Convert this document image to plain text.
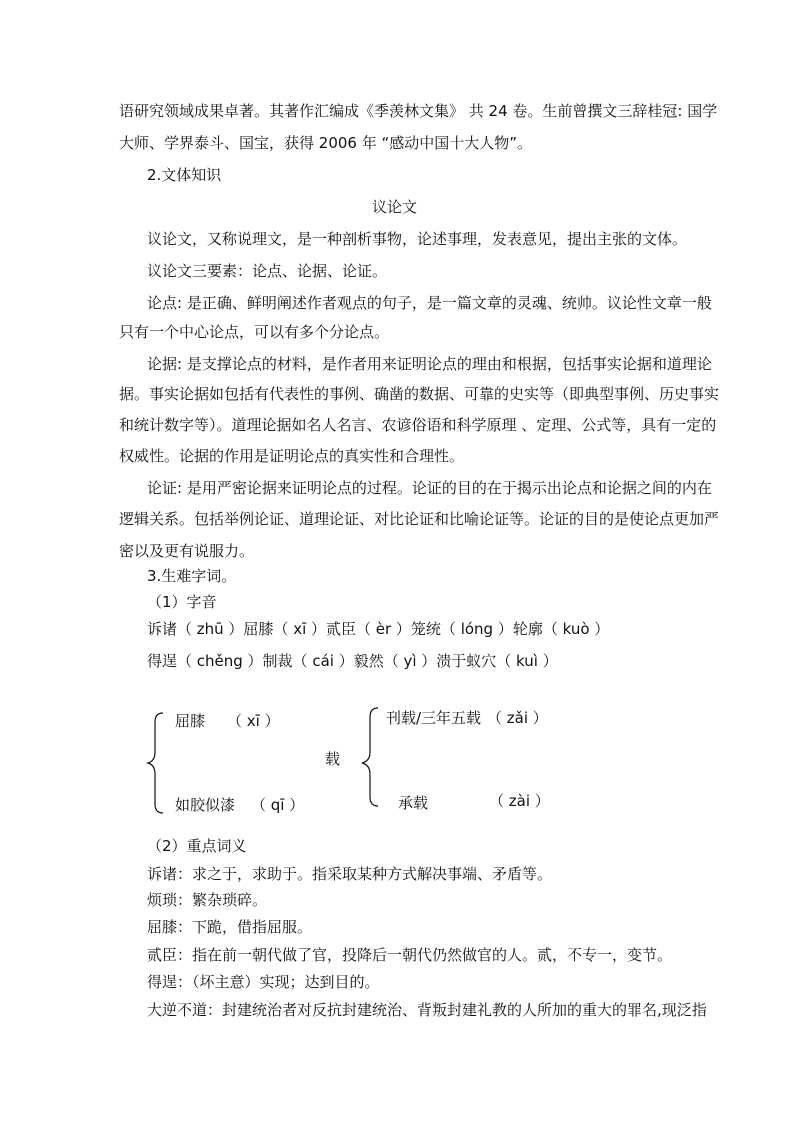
语研究领域成果卓著。其著作汇编成《季羡林文集》 共 24 卷。生前曾撰文三辞桂冠: 国学
大师、学界泰斗、国宝，获得 2006 年 “感动中国十大人物”。
2.文体知识
议论文
议论文，又称说理文，是一种剖析事物，论述事理，发表意见，提出主张的文体。
议论文三要素：论点、论据、论证。
论点: 是正确、鲜明阐述作者观点的句子，是一篇文章的灵魂、统帅。议论性文章一般
只有一个中心论点，可以有多个分论点。
论据: 是支撑论点的材料，是作者用来证明论点的理由和根据，包括事实论据和道理论
据。事实论据如包括有代表性的事例、确凿的数据、可靠的史实等（即典型事例、历史事实
和统计数字等）。道理论据如名人名言、农谚俗语和科学原理 、定理、公式等，具有一定的
权威性。论据的作用是证明论点的真实性和合理性。
论证: 是用严密论据来证明论点的过程。论证的目的在于揭示出论点和论据之间的内在
逻辑关系。包括举例论证、道理论证、对比论证和比喻论证等。论证的目的是使论点更加严
密以及更有说服力。
3.生难字词。
（1）字音
诉诸（ zhū ）屈膝（ xī ）贰臣（ èr ）笼统（ lóng ）轮廓（ kuò ）
得逞（ chěng ）制裁（ cái ）毅然（ yì ）溃于蚁穴（ kuì ）
屈膝 （ xī ）
如胶似漆 （ qī ）
载
刊载/三年五载 （ zǎi ）
承载	（ zài ）
（2）重点词义
诉诸：求之于，求助于。指采取某种方式解决事端、矛盾等。
烦琐：繁杂琐碎。
屈膝：下跪，借指屈服。
贰臣：指在前一朝代做了官，投降后一朝代仍然做官的人。贰，不专一，变节。
得逞：（坏主意）实现；达到目的。
大逆不道：封建统治者对反抗封建统治、背叛封建礼教的人所加的重大的罪名,现泛指
